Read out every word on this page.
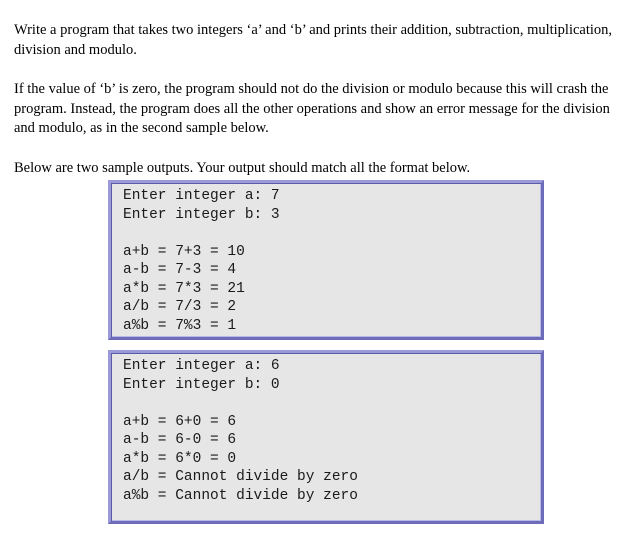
Write a program that takes two integers ‘a’ and ‘b’ and prints their addition, subtraction, multiplication, division and modulo.

If the value of ‘b’ is zero, the program should not do the division or modulo because this will crash the program. Instead, the program does all the other operations and show an error message for the division and modulo, as in the second sample below.

Below are two sample outputs. Your output should match all the format below.

Enter integer a: 7
Enter integer b: 3
a+b = 7+3 = 10
a-b = 7-3 = 4
a*b = 7*3 = 21
a/b = 7/3 = 2
a%b = 7%3 = 1
Enter integer a: 6
Enter integer b: 0
a+b = 6+0 = 6
a-b = 6-0 = 6
a*b = 6*0 = 0
a/b = Cannot divide by zero
a%b = Cannot divide by zero
